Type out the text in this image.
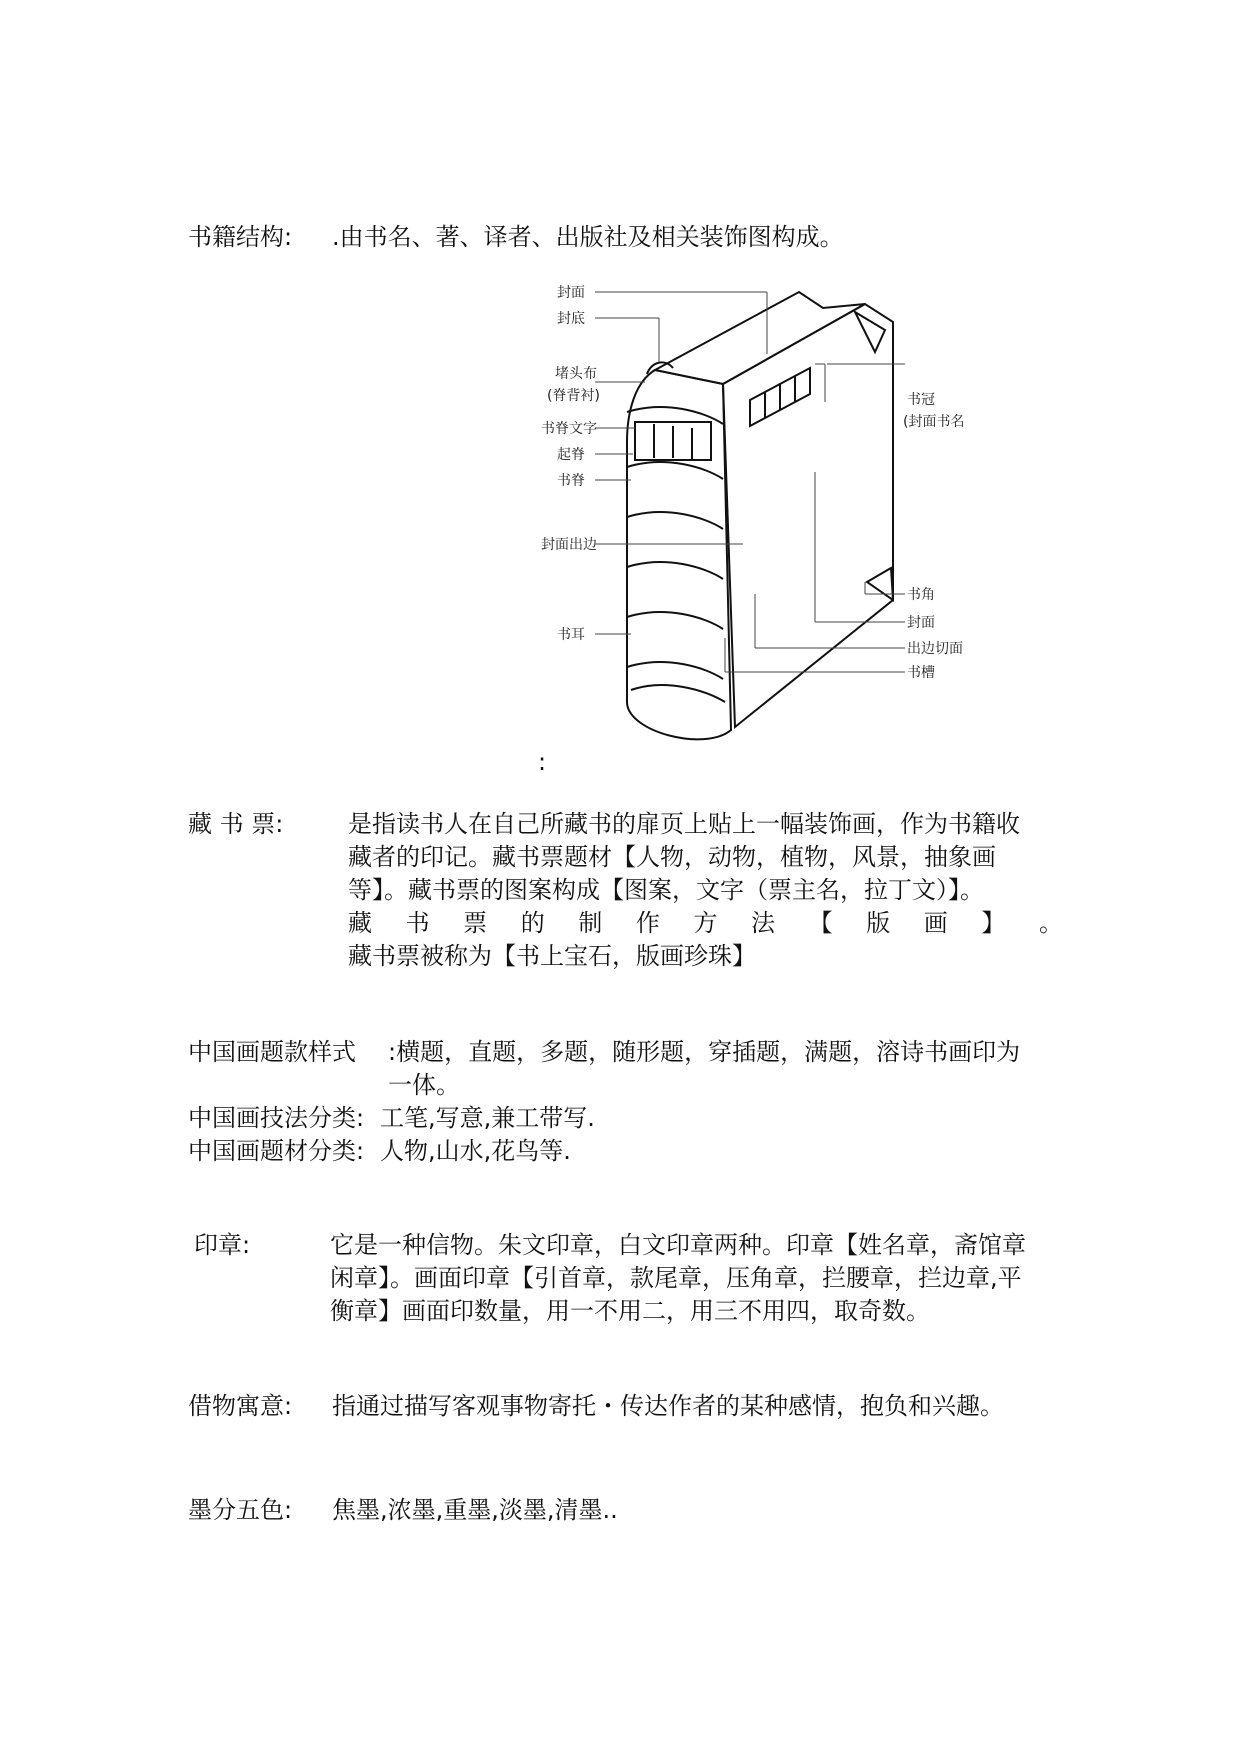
书籍结构: .由书名、著、译者、出版社及相关装饰图构成。
封面
封底
堵头布
(脊背衬)
书脊文字
起脊
书脊
封面出边
书耳
书冠
(封面书名
书角
封面
出边切面
书槽
:
藏 书 票:	是指读书人在自己所藏书的扉页上贴上一幅装饰画，作为书籍收
藏者的印记。藏书票题材【人物，动物，植物，风景，抽象画
等】。藏书票的图案构成【图案，文字（票主名，拉丁文）】。
藏 书 票 的 制 作 方 法 【 版 画 】 。
藏书票被称为【书上宝石，版画珍珠】
中国画题款样式 :横题，直题，多题，随形题，穿插题，满题，溶诗书画印为
一体。
中国画技法分类: 工笔,写意,兼工带写.
中国画题材分类: 人物,山水,花鸟等.
印章:	它是一种信物。朱文印章，白文印章两种。印章【姓名章，斋馆章
闲章】。画面印章【引首章，款尾章，压角章，拦腰章，拦边章,平
衡章】画面印数量，用一不用二，用三不用四，取奇数。
借物寓意: 指通过描写客观事物寄托・传达作者的某种感情，抱负和兴趣。
墨分五色: 焦墨,浓墨,重墨,淡墨,清墨..
